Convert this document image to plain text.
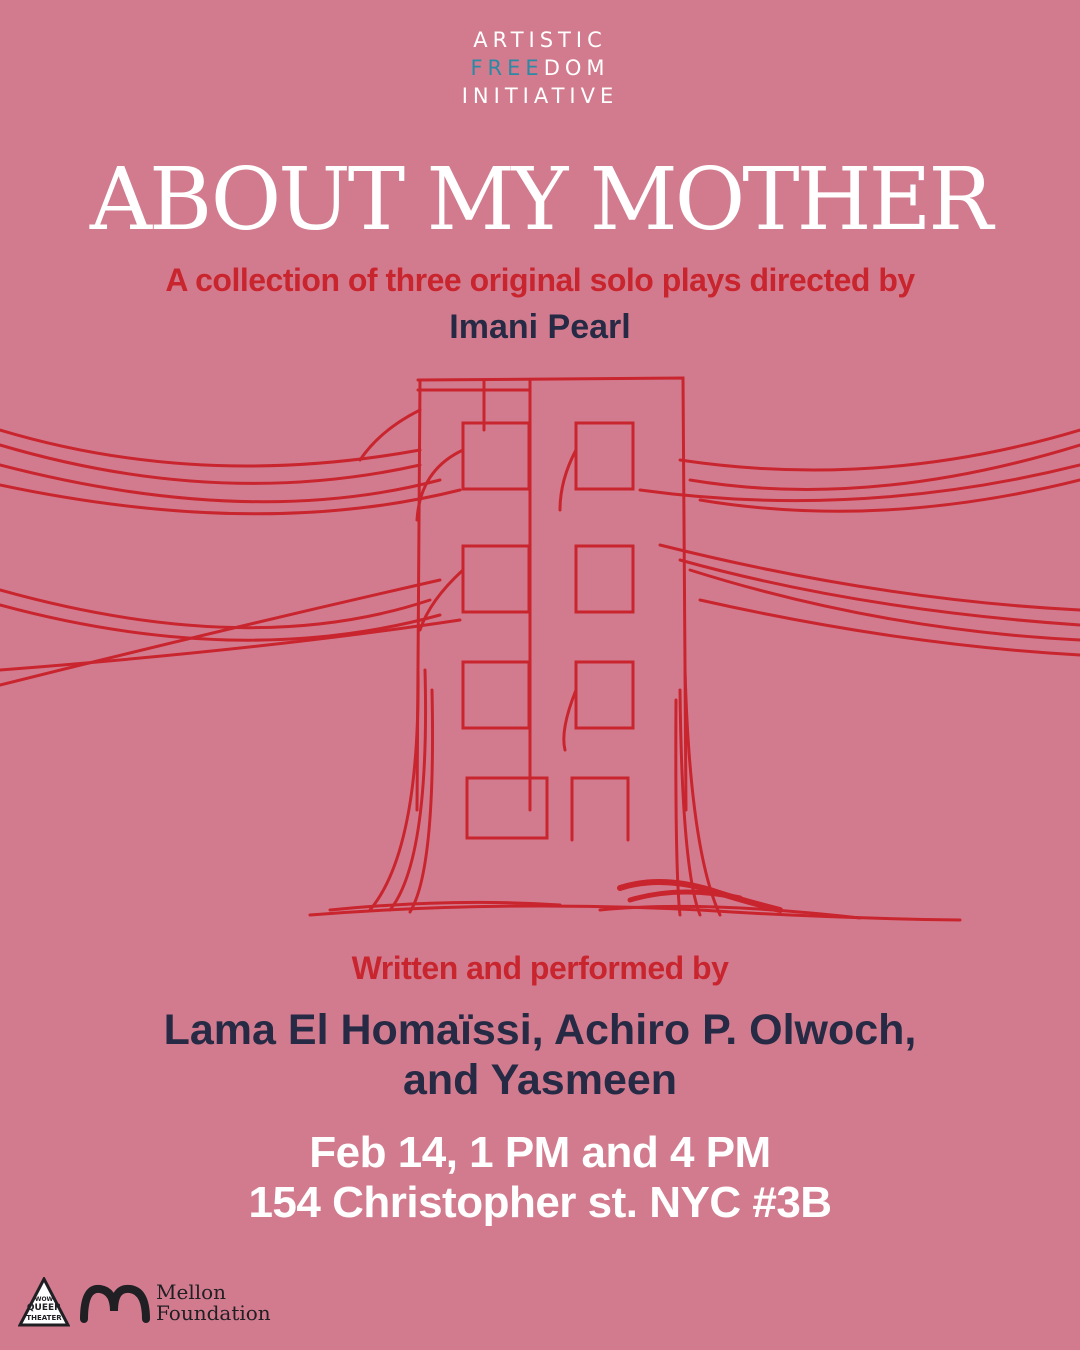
ARTISTIC
FREEDOM
INITIATIVE
ABOUT MY MOTHER
A collection of three original solo plays directed by
Imani Pearl
Written and performed by
Lama El Homaïssi, Achiro P. Olwoch,
and Yasmeen
Feb 14, 1 PM and 4 PM
154 Christopher st. NYC #3B
WOW
QUEER
THEATER
Mellon
Foundation
